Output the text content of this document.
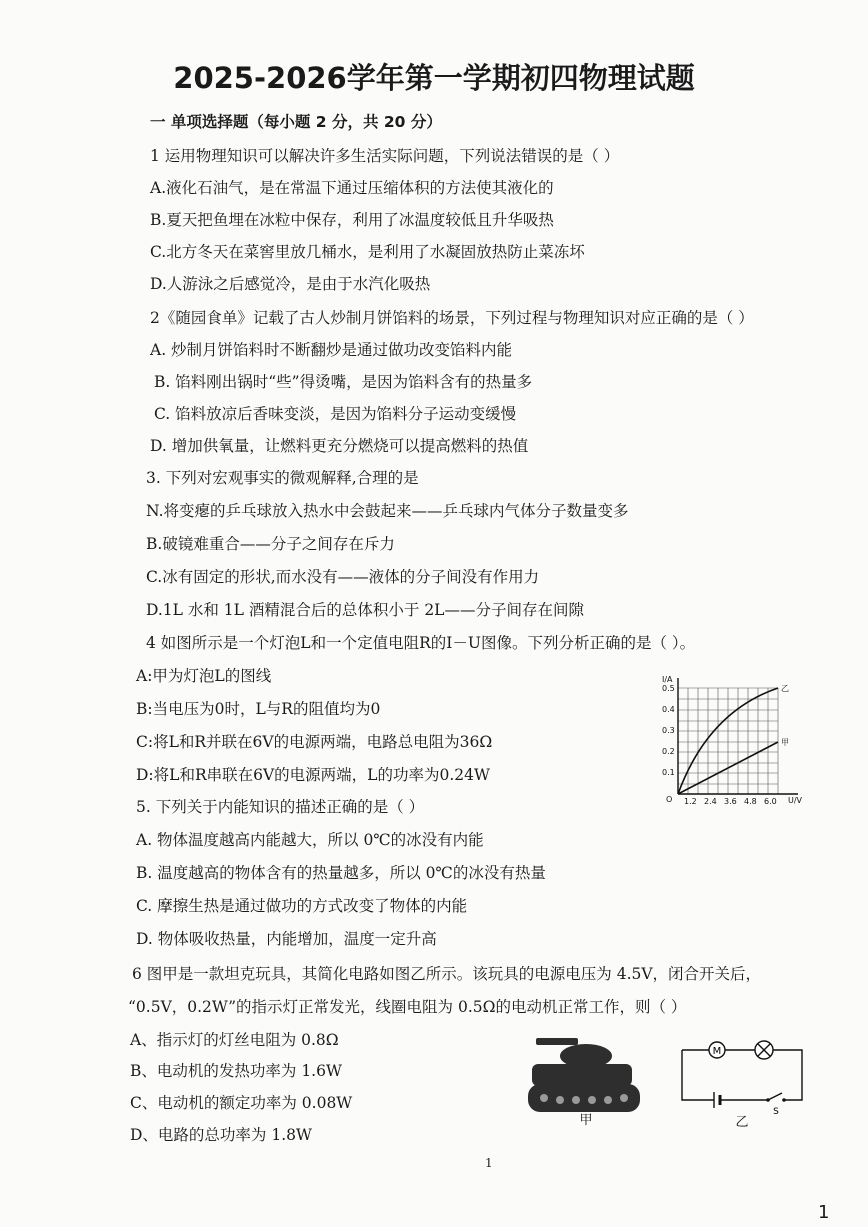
2025-2026学年第一学期初四物理试题
一 单项选择题（每小题 2 分，共 20 分）
1 运用物理知识可以解决许多生活实际问题，下列说法错误的是（ ）
A.液化石油气，是在常温下通过压缩体积的方法使其液化的
B.夏天把鱼埋在冰粒中保存，利用了冰温度较低且升华吸热
C.北方冬天在菜窖里放几桶水，是利用了水凝固放热防止菜冻坏
D.人游泳之后感觉冷，是由于水汽化吸热
2《随园食单》记载了古人炒制月饼馅料的场景，下列过程与物理知识对应正确的是（ ）
A. 炒制月饼馅料时不断翻炒是通过做功改变馅料内能
B. 馅料刚出锅时“些”得烫嘴，是因为馅料含有的热量多
C. 馅料放凉后香味变淡，是因为馅料分子运动变缓慢
D. 增加供氧量，让燃料更充分燃烧可以提高燃料的热值
3. 下列对宏观事实的微观解释,合理的是
N.将变瘪的乒乓球放入热水中会鼓起来——乒乓球内气体分子数量变多
B.破镜难重合——分子之间存在斥力
C.冰有固定的形状,而水没有——液体的分子间没有作用力
D.1L 水和 1L 酒精混合后的总体积小于 2L——分子间存在间隙
4 如图所示是一个灯泡L和一个定值电阻R的I－U图像。下列分析正确的是（ ）。
A:甲为灯泡L的图线
B:当电压为0时，L与R的阻值均为0
C:将L和R并联在6V的电源两端，电路总电阻为36Ω
D:将L和R串联在6V的电源两端，L的功率为0.24W
I/A
U/V
O
0.5
0.4
0.3
0.2
0.1
1.2 2.4 3.6 4.8 6.0
乙
甲
5. 下列关于内能知识的描述正确的是（ ）
A. 物体温度越高内能越大，所以 0℃的冰没有内能
B. 温度越高的物体含有的热量越多，所以 0℃的冰没有热量
C. 摩擦生热是通过做功的方式改变了物体的内能
D. 物体吸收热量，内能增加，温度一定升高
6 图甲是一款坦克玩具，其简化电路如图乙所示。该玩具的电源电压为 4.5V，闭合开关后，
“0.5V，0.2W”的指示灯正常发光，线圈电阻为 0.5Ω的电动机正常工作，则（ ）
A、指示灯的灯丝电阻为 0.8Ω
B、电动机的发热功率为 1.6W
C、电动机的额定功率为 0.08W
D、电路的总功率为 1.8W
甲
M
S
乙
1
1
